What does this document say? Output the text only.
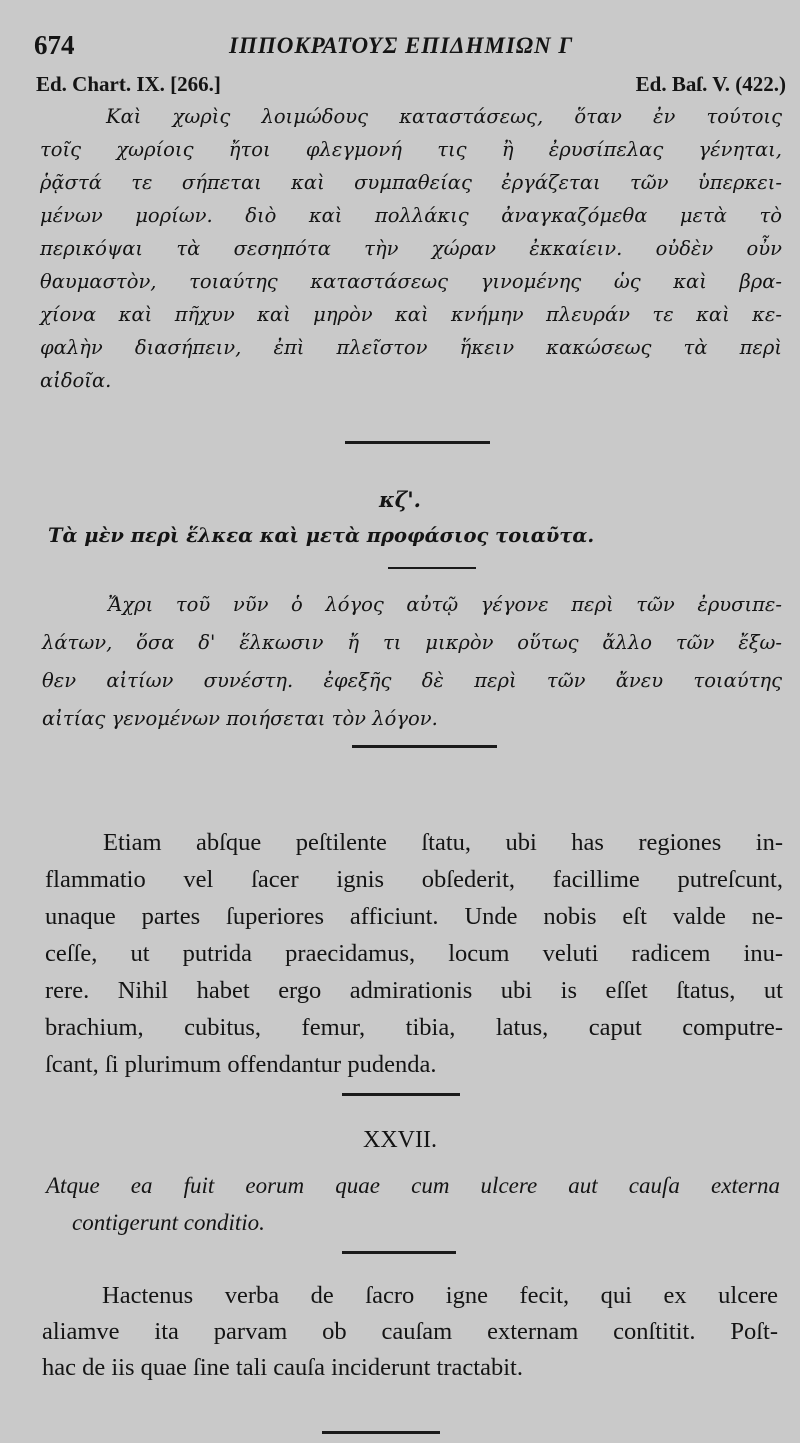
674	ΙΠΠΟΚΡΑΤΟΥΣ ΕΠΙΔΗΜΙΩΝ Γ
Ed. Chart. IX. [266.]	Ed. Baſ. V. (422.)
Καὶ χωρὶς λοιμώδους καταστάσεως, ὅταν ἐν τούτοις
τοῖς χωρίοις ἤτοι φλεγμονή τις ἢ ἐρυσίπελας γένηται,
ῥᾷστά τε σήπεται καὶ συμπαθείας ἐργάζεται τῶν ὑπερκει-
μένων μορίων. διὸ καὶ πολλάκις ἀναγκαζόμεθα μετὰ τὸ
περικόψαι τὰ σεσηπότα τὴν χώραν ἐκκαίειν. οὐδὲν οὖν
θαυμαστὸν, τοιαύτης καταστάσεως γινομένης ὡς καὶ βρα-
χίονα καὶ πῆχυν καὶ μηρὸν καὶ κνήμην πλευράν τε καὶ κε-
φαλὴν διασήπειν, ἐπὶ πλεῖστον ἥκειν κακώσεως τὰ περὶ
αἰδοῖα.
κζ'.
Τὰ μὲν περὶ ἕλκεα καὶ μετὰ προφάσιος τοιαῦτα.
Ἄχρι τοῦ νῦν ὁ λόγος αὐτῷ γέγονε περὶ τῶν ἐρυσιπε-
λάτων, ὅσα δ' ἕλκωσιν ἤ τι μικρὸν οὕτως ἄλλο τῶν ἔξω-
θεν αἰτίων συνέστη. ἐφεξῆς δὲ περὶ τῶν ἄνευ τοιαύτης
αἰτίας γενομένων ποιήσεται τὸν λόγον.
Etiam abſque peſtilente ſtatu, ubi has regiones in-
flammatio vel ſacer ignis obſederit, facillime putreſcunt,
unaque partes ſuperiores afficiunt. Unde nobis eſt valde ne-
ceſſe, ut putrida praecidamus, locum veluti radicem inu-
rere. Nihil habet ergo admirationis ubi is eſſet ſtatus, ut
brachium, cubitus, femur, tibia, latus, caput computre-
ſcant, ſi plurimum offendantur pudenda.
XXVII.
Atque ea fuit eorum quae cum ulcere aut cauſa externa
contigerunt conditio.
Hactenus verba de ſacro igne fecit, qui ex ulcere
aliamve ita parvam ob cauſam externam conſtitit. Poſt-
hac de iis quae ſine tali cauſa inciderunt tractabit.
